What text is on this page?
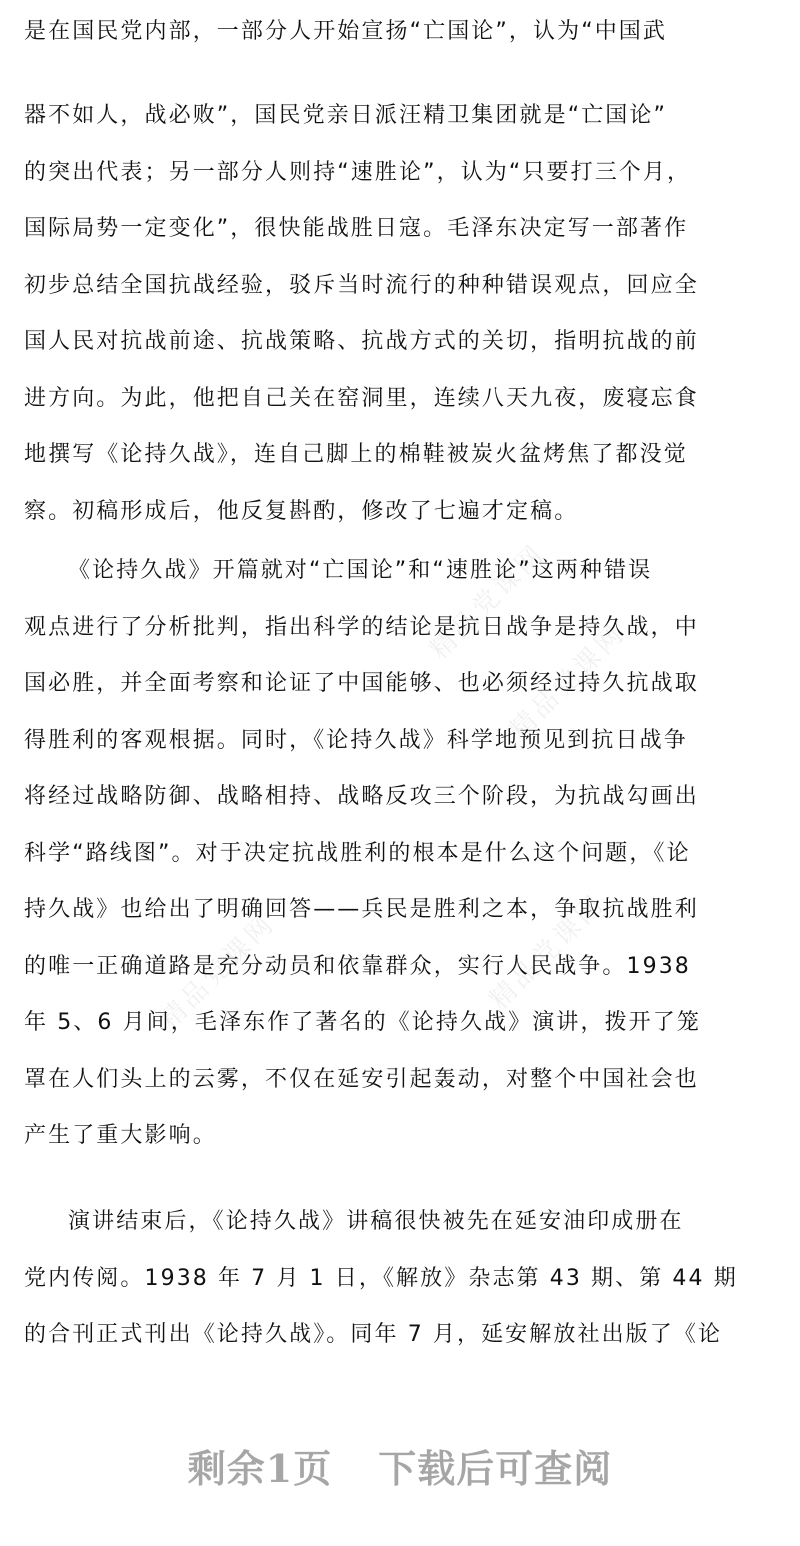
精品党课网
精品党课网
精品党课网	精品党课网
是在国民党内部，一部分人开始宣扬“亡国论”，认为“中国武
器不如人，战必败”，国民党亲日派汪精卫集团就是“亡国论”
的突出代表；另一部分人则持“速胜论”，认为“只要打三个月，
国际局势一定变化”，很快能战胜日寇。毛泽东决定写一部著作
初步总结全国抗战经验，驳斥当时流行的种种错误观点，回应全
国人民对抗战前途、抗战策略、抗战方式的关切，指明抗战的前
进方向。为此，他把自己关在窑洞里，连续八天九夜，废寝忘食
地撰写《论持久战》，连自己脚上的棉鞋被炭火盆烤焦了都没觉
察。初稿形成后，他反复斟酌，修改了七遍才定稿。
《论持久战》开篇就对“亡国论”和“速胜论”这两种错误
观点进行了分析批判，指出科学的结论是抗日战争是持久战，中
国必胜，并全面考察和论证了中国能够、也必须经过持久抗战取
得胜利的客观根据。同时，《论持久战》科学地预见到抗日战争
将经过战略防御、战略相持、战略反攻三个阶段，为抗战勾画出
科学“路线图”。对于决定抗战胜利的根本是什么这个问题，《论
持久战》也给出了明确回答——兵民是胜利之本，争取抗战胜利
的唯一正确道路是充分动员和依靠群众，实行人民战争。1938
年 5、6 月间，毛泽东作了著名的《论持久战》演讲，拨开了笼
罩在人们头上的云雾，不仅在延安引起轰动，对整个中国社会也
产生了重大影响。
演讲结束后，《论持久战》讲稿很快被先在延安油印成册在
党内传阅。1938 年 7 月 1 日，《解放》杂志第 43 期、第 44 期
的合刊正式刊出《论持久战》。同年 7 月，延安解放社出版了《论
剩余1页 下载后可查阅
